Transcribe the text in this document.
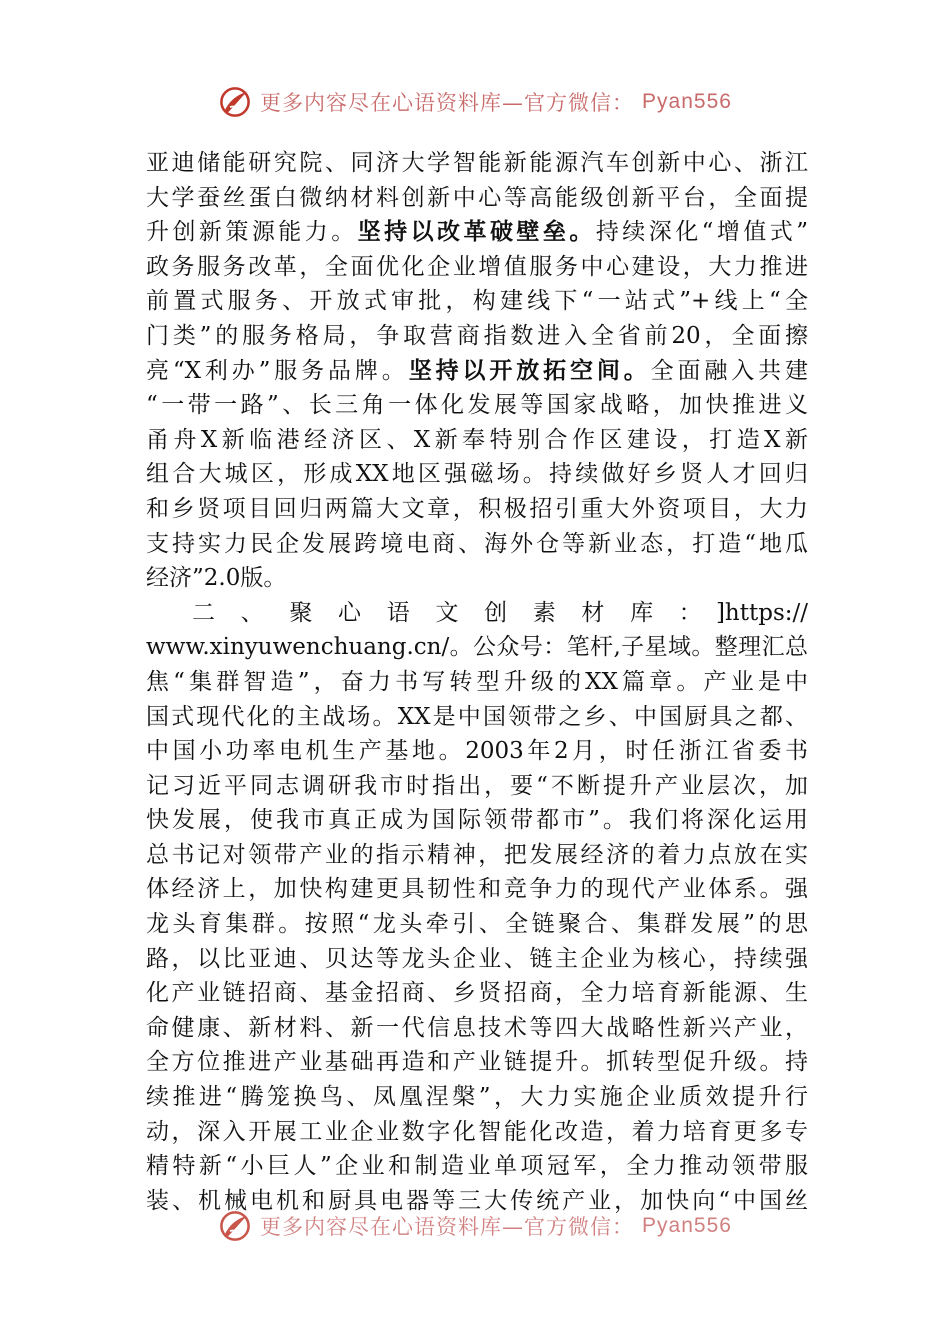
更多内容尽在心语资料库—官方微信： Pyan556

亚迪储能研究院、同济大学智能新能源汽车创新中心、浙江
大学蚕丝蛋白微纳材料创新中心等高能级创新平台，全面提
升创新策源能力。坚持以改革破壁垒。持续深化“增值式”
政务服务改革，全面优化企业增值服务中心建设，大力推进
前置式服务、开放式审批，构建线下“一站式”+线上“全
门类”的服务格局，争取营商指数进入全省前20，全面擦
亮“X利办”服务品牌。坚持以开放拓空间。全面融入共建
“一带一路”、长三角一体化发展等国家战略，加快推进义
甬舟X新临港经济区、X新奉特别合作区建设，打造X新
组合大城区，形成XX地区强磁场。持续做好乡贤人才回归
和乡贤项目回归两篇大文章，积极招引重大外资项目，大力
支持实力民企发展跨境电商、海外仓等新业态，打造“地瓜
经济”2.0版。

二、聚心语文创素材库：]https://
www.xinyuwenchuang.cn/。公众号：笔杆,子星域。整理汇总
焦“集群智造”，奋力书写转型升级的XX篇章。产业是中
国式现代化的主战场。XX是中国领带之乡、中国厨具之都、
中国小功率电机生产基地。2003年2月，时任浙江省委书
记习近平同志调研我市时指出，要“不断提升产业层次，加
快发展，使我市真正成为国际领带都市”。我们将深化运用
总书记对领带产业的指示精神，把发展经济的着力点放在实
体经济上，加快构建更具韧性和竞争力的现代产业体系。强
龙头育集群。按照“龙头牵引、全链聚合、集群发展”的思
路，以比亚迪、贝达等龙头企业、链主企业为核心，持续强
化产业链招商、基金招商、乡贤招商，全力培育新能源、生
命健康、新材料、新一代信息技术等四大战略性新兴产业，
全方位推进产业基础再造和产业链提升。抓转型促升级。持
续推进“腾笼换鸟、凤凰涅槃”，大力实施企业质效提升行
动，深入开展工业企业数字化智能化改造，着力培育更多专
精特新“小巨人”企业和制造业单项冠军，全力推动领带服
装、机械电机和厨具电器等三大传统产业，加快向“中国丝

更多内容尽在心语资料库—官方微信： Pyan556
